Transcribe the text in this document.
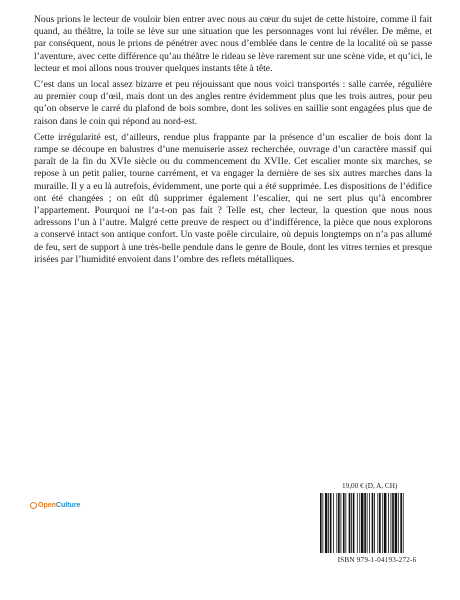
Nous prions le lecteur de vouloir bien entrer avec nous au cœur du sujet de cette histoire, comme il fait quand, au théâtre, la toile se lève sur une situation que les personnages vont lui révéler. De même, et par conséquent, nous le prions de pénétrer avec nous d’emblée dans le centre de la localité où se passe l’aventure, avec cette différence qu’au théâtre le rideau se lève rarement sur une scène vide, et qu’ici, le lecteur et moi allons nous trouver quelques instants tête à tête.

C’est dans un local assez bizarre et peu réjouissant que nous voici transportés : salle carrée, régulière au premier coup d’œil, mais dont un des angles rentre évidemment plus que les trois autres, pour peu qu’on observe le carré du plafond de bois sombre, dont les solives en saillie sont engagées plus que de raison dans le coin qui répond au nord-est.

Cette irrégularité est, d’ailleurs, rendue plus frappante par la présence d’un escalier de bois dont la rampe se découpe en balustres d’une menuiserie assez recherchée, ouvrage d’un caractère massif qui paraît de la fin du XVIe siècle ou du commencement du XVIIe. Cet escalier monte six marches, se repose à un petit palier, tourne carrément, et va engager la dernière de ses six autres marches dans la muraille. Il y a eu là autrefois, évidemment, une porte qui a été supprimée. Les dispositions de l’édifice ont été changées ; on eût dû supprimer également l’escalier, qui ne sert plus qu’à encombrer l’appartement. Pourquoi ne l’a-t-on pas fait ? Telle est, cher lecteur, la question que nous nous adressons l’un à l’autre. Malgré cette preuve de respect ou d’indifférence, la pièce que nous explorons a conservé intact son antique confort. Un vaste poêle circulaire, où depuis longtemps on n’a pas allumé de feu, sert de support à une très-belle pendule dans le genre de Boule, dont les vitres ternies et presque irisées par l’humidité envoient dans l’ombre des reflets métalliques.

Open Culture
19,00 € (D, A, CH)
ISBN 979-1-04193-272-6
